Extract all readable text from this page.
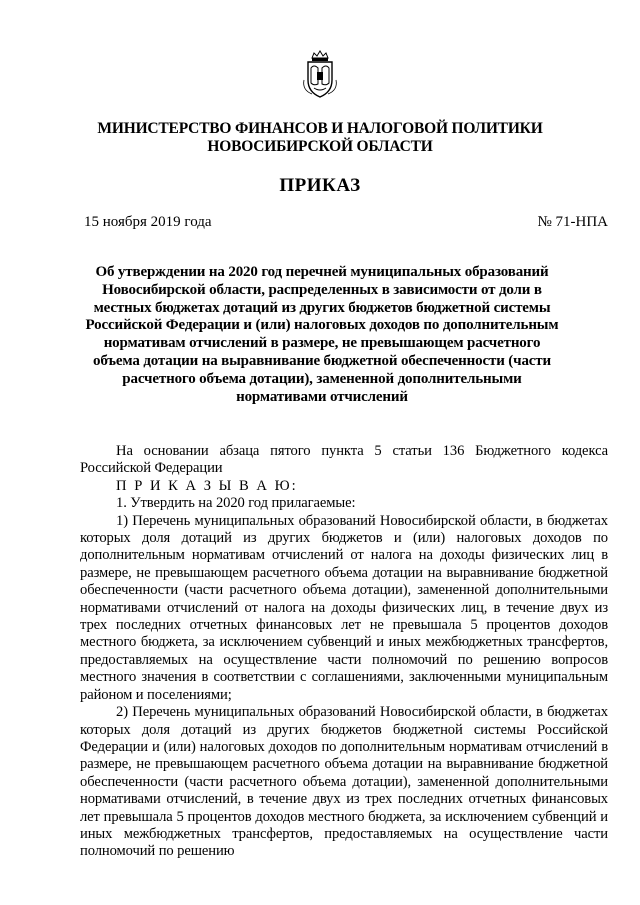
МИНИСТЕРСТВО ФИНАНСОВ И НАЛОГОВОЙ ПОЛИТИКИ НОВОСИБИРСКОЙ ОБЛАСТИ
ПРИКАЗ
15 ноября 2019 года	№ 71-НПА
Об утверждении на 2020 год перечней муниципальных образований Новосибирской области, распределенных в зависимости от доли в местных бюджетах дотаций из других бюджетов бюджетной системы Российской Федерации и (или) налоговых доходов по дополнительным нормативам отчислений в размере, не превышающем расчетного объема дотации на выравнивание бюджетной обеспеченности (части расчетного объема дотации), замененной дополнительными нормативами отчислений

На основании абзаца пятого пункта 5 статьи 136 Бюджетного кодекса Российской Федерации

П Р И К А З Ы В А Ю:

1. Утвердить на 2020 год прилагаемые:

1) Перечень муниципальных образований Новосибирской области, в бюджетах которых доля дотаций из других бюджетов и (или) налоговых доходов по дополнительным нормативам отчислений от налога на доходы физических лиц в размере, не превышающем расчетного объема дотации на выравнивание бюджетной обеспеченности (части расчетного объема дотации), замененной дополнительными нормативами отчислений от налога на доходы физических лиц, в течение двух из трех последних отчетных финансовых лет не превышала 5 процентов доходов местного бюджета, за исключением субвенций и иных межбюджетных трансфертов, предоставляемых на осуществление части полномочий по решению вопросов местного значения в соответствии с соглашениями, заключенными муниципальным районом и поселениями;

2) Перечень муниципальных образований Новосибирской области, в бюджетах которых доля дотаций из других бюджетов бюджетной системы Российской Федерации и (или) налоговых доходов по дополнительным нормативам отчислений в размере, не превышающем расчетного объема дотации на выравнивание бюджетной обеспеченности (части расчетного объема дотации), замененной дополнительными нормативами отчислений, в течение двух из трех последних отчетных финансовых лет превышала 5 процентов доходов местного бюджета, за исключением субвенций и иных межбюджетных трансфертов, предоставляемых на осуществление части полномочий по решению
